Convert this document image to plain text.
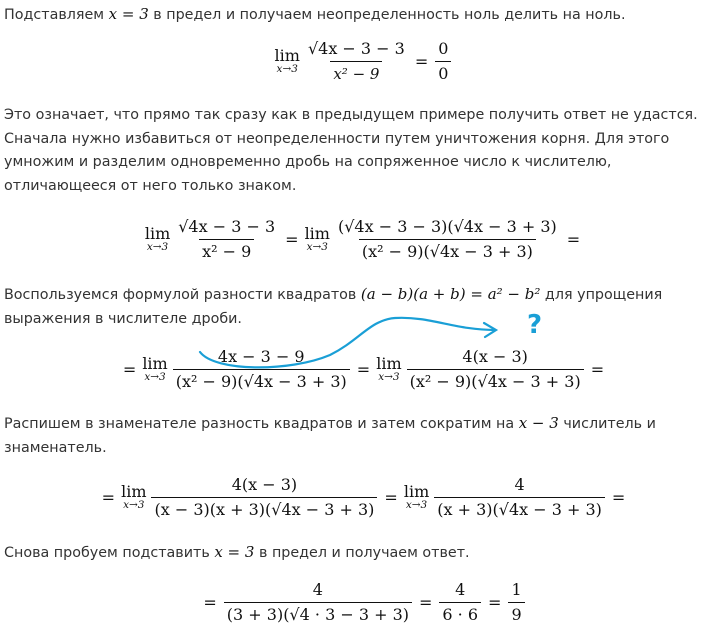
Подставляем x = 3 в предел и получаем неопределенность ноль делить на ноль.

lim
$x\to 3 \frac{√4x - 3 - 3}{\text{x² − 9}} = \frac{0}{0}$

Это означает, что прямо так сразу как в предыдущем примере получить ответ не удастся. Сначала нужно избавиться от неопределенности путем уничтожения корня. Для этого умножим и разделим одновременно дробь на сопряженное число к числителю, отличающееся от него только знаком.

lim
$x\to 3 \frac{√4x - 3 - 3}{\text{x² − 9}} = \lim$
$x\to 3 \frac{(√4x - 3 - 3)(√4x - 3 + 3)}{\text{(x² − 9)(√4x − 3 + 3)}}$ =

Воспользуемся формулой разности квадратов (a − b)(a + b) = a² − b² для упрощения выражения в числителе дроби.

= lim
$x\to 3 \frac{4x - 3 - 9}{\text{(x² − 9)(√4x − 3 + 3)}} = \lim$
$x\to 3 \frac{4(x - 3)}{\text{(x² − 9)(√4x − 3 + 3)}}$ =
?

Распишем в знаменателе разность квадратов и затем сократим на x − 3 числитель и знаменатель.

= lim
$x\to 3 \frac{4(x - 3)}{(x - 3)(x + 3)(√4x - 3 + 3)} = \lim$
$x\to 3 \frac{4}{(x + 3)(√4x - 3 + 3)}$ =

Снова пробуем подставить x = 3 в предел и получаем ответ.

= $\frac{4}{(3 + 3)(√4 \cdot 3 - 3 + 3)} = \frac{4}{6 \cdot 6} = \frac{1}{9}$
